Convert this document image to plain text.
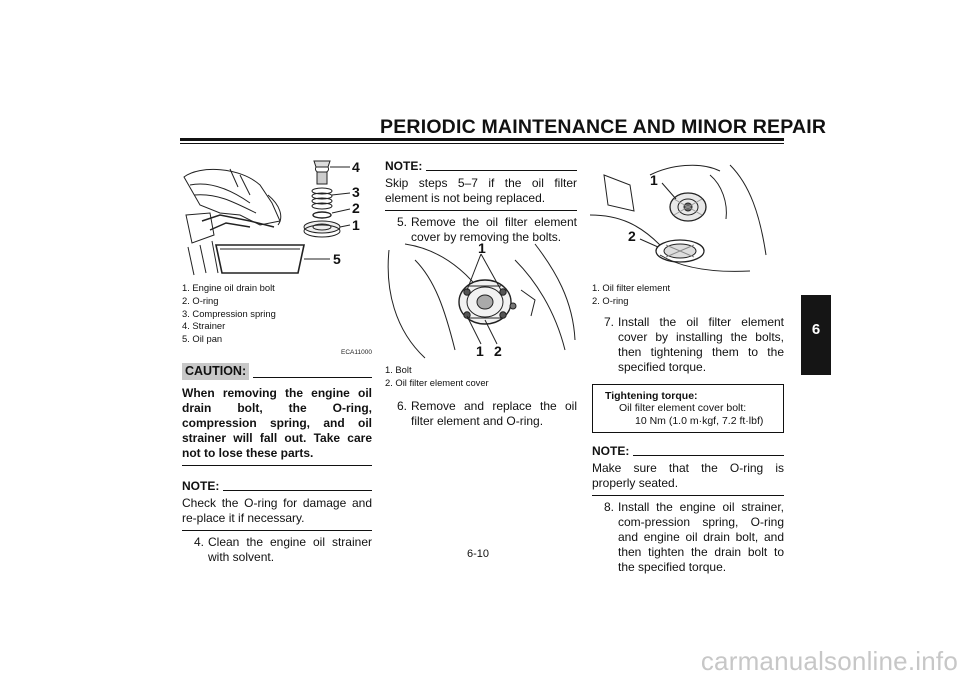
PERIODIC MAINTENANCE AND MINOR REPAIR
6
4
3
2
1
5
1. Engine oil drain bolt
2. O-ring
3. Compression spring
4. Strainer
5. Oil pan
ECA11000
CAUTION:
When removing the engine oil drain bolt, the O-ring, compression spring, and oil strainer will fall out. Take care not to lose these parts.
NOTE:
Check the O-ring for damage and re-place it if necessary.
4. Clean the engine oil strainer with solvent.
NOTE:
Skip steps 5–7 if the oil filter element is not being replaced.
5. Remove the oil filter element cover by removing the bolts.
1
1 2
1. Bolt
2. Oil filter element cover
6. Remove and replace the oil filter element and O-ring.
1
2
1. Oil filter element
2. O-ring
7. Install the oil filter element cover by installing the bolts, then tightening them to the specified torque.
Tightening torque:
Oil filter element cover bolt:
10 Nm (1.0 m·kgf, 7.2 ft·lbf)
NOTE:
Make sure that the O-ring is properly seated.
8. Install the engine oil strainer, com-pression spring, O-ring and engine oil drain bolt, and then tighten the drain bolt to the specified torque.
6-10
carmanualsonline.info
